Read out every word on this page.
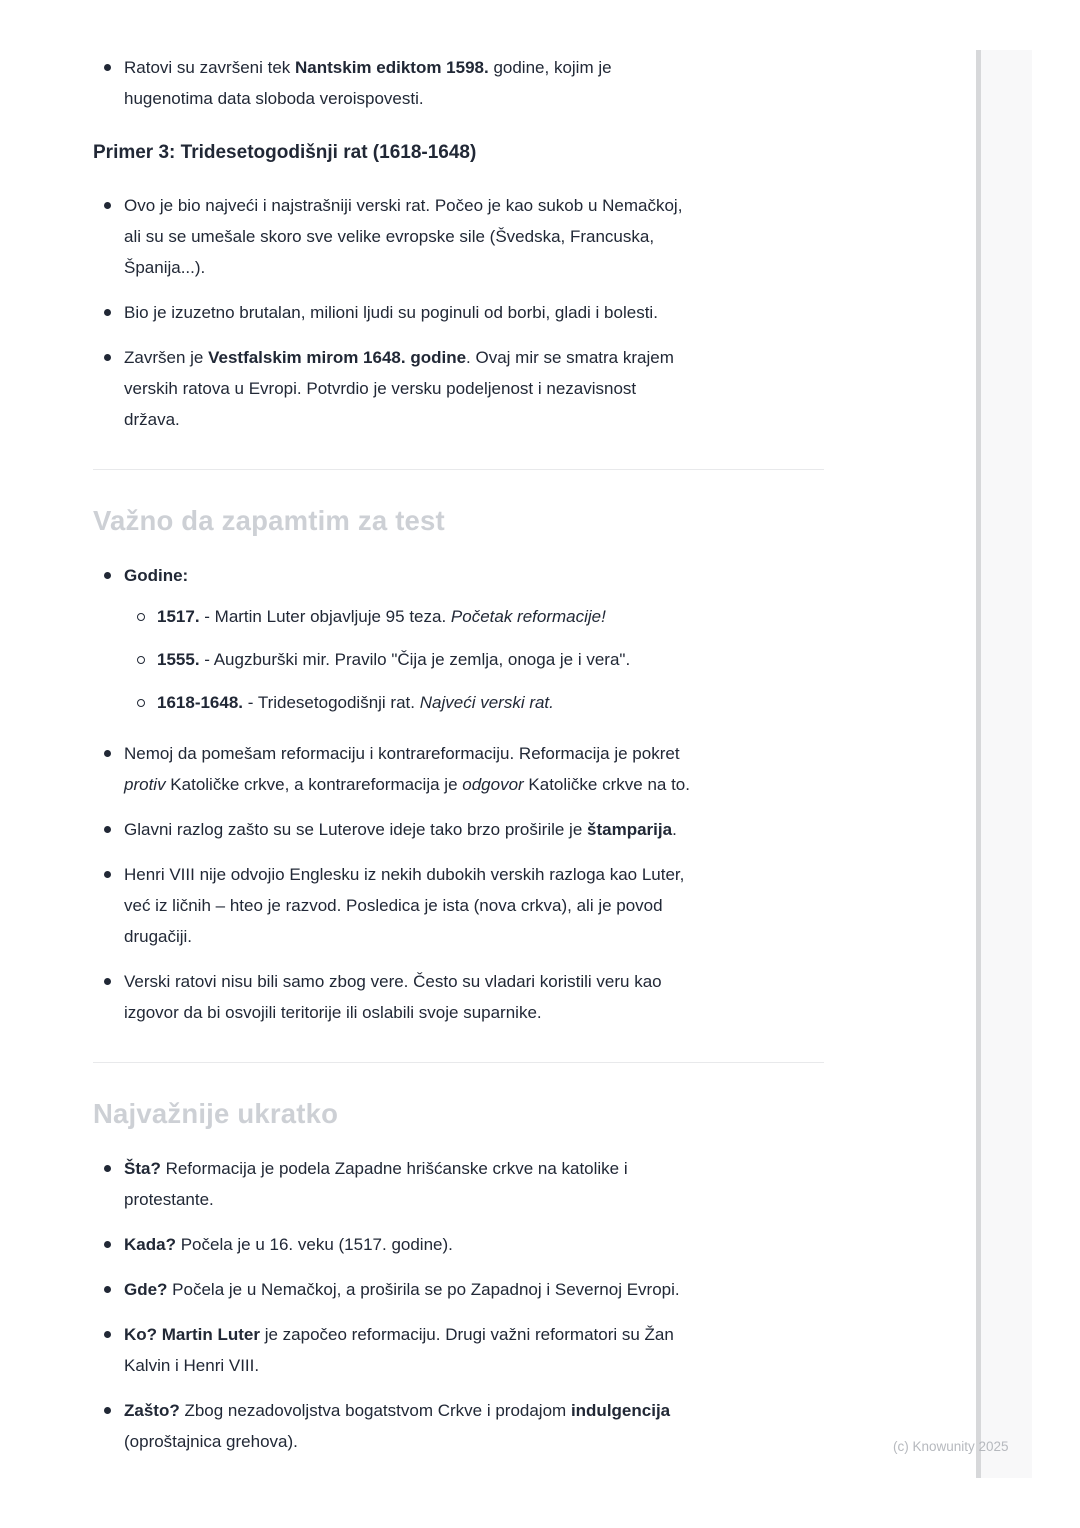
Ratovi su završeni tek Nantskim ediktom 1598. godine, kojim je
hugenotima data sloboda veroispovesti.

Primer 3: Tridesetogodišnji rat (1618-1648)

Ovo je bio najveći i najstrašniji verski rat. Počeo je kao sukob u Nemačkoj,
ali su se umešale skoro sve velike evropske sile (Švedska, Francuska,
Španija...).

Bio je izuzetno brutalan, milioni ljudi su poginuli od borbi, gladi i bolesti.

Završen je Vestfalskim mirom 1648. godine. Ovaj mir se smatra krajem
verskih ratova u Evropi. Potvrdio je versku podeljenost i nezavisnost
država.

Važno da zapamtim za test

Godine:

1517. - Martin Luter objavljuje 95 teza. Početak reformacije!

1555. - Augzburški mir. Pravilo "Čija je zemlja, onoga je i vera".

1618-1648. - Tridesetogodišnji rat. Najveći verski rat.

Nemoj da pomešam reformaciju i kontrareformaciju. Reformacija je pokret
protiv Katoličke crkve, a kontrareformacija je odgovor Katoličke crkve na to.

Glavni razlog zašto su se Luterove ideje tako brzo proširile je štamparija.

Henri VIII nije odvojio Englesku iz nekih dubokih verskih razloga kao Luter,
već iz ličnih – hteo je razvod. Posledica je ista (nova crkva), ali je povod
drugačiji.

Verski ratovi nisu bili samo zbog vere. Često su vladari koristili veru kao
izgovor da bi osvojili teritorije ili oslabili svoje suparnike.

Najvažnije ukratko

Šta? Reformacija je podela Zapadne hrišćanske crkve na katolike i
protestante.

Kada? Počela je u 16. veku (1517. godine).

Gde? Počela je u Nemačkoj, a proširila se po Zapadnoj i Severnoj Evropi.

Ko? Martin Luter je započeo reformaciju. Drugi važni reformatori su Žan
Kalvin i Henri VIII.

Zašto? Zbog nezadovoljstva bogatstvom Crkve i prodajom indulgencija
(oproštajnica grehova).	(c) Knowunity 2025
